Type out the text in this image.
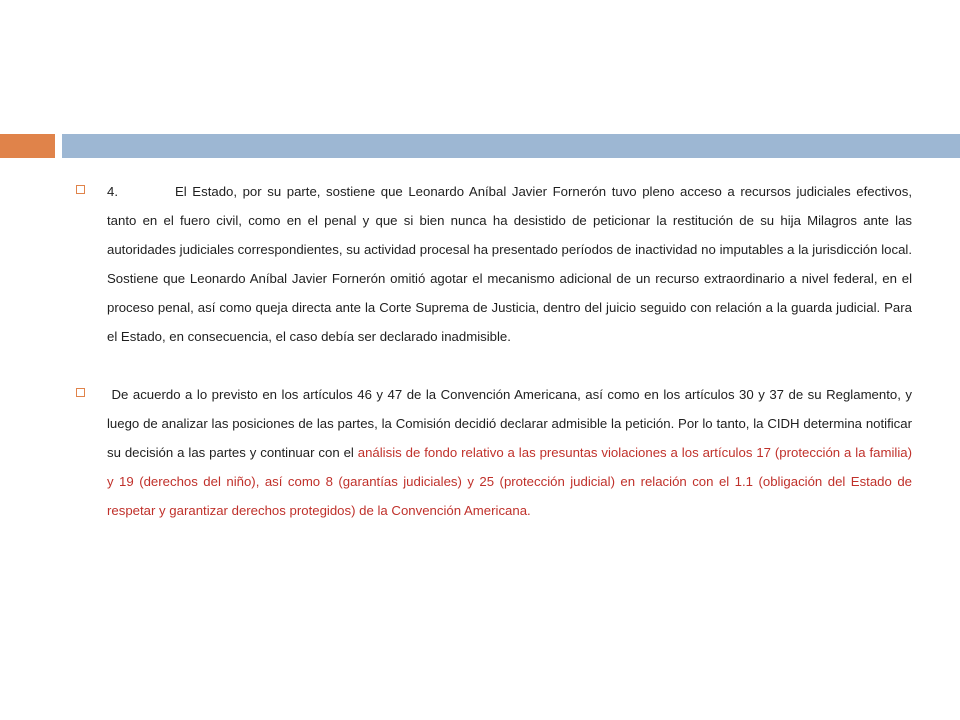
4.	El Estado, por su parte, sostiene que Leonardo Aníbal Javier Fornerón tuvo pleno acceso a recursos judiciales efectivos, tanto en el fuero civil, como en el penal y que si bien nunca ha desistido de peticionar la restitución de su hija Milagros ante las autoridades judiciales correspondientes, su actividad procesal ha presentado períodos de inactividad no imputables a la jurisdicción local. Sostiene que Leonardo Aníbal Javier Fornerón omitió agotar el mecanismo adicional de un recurso extraordinario a nivel federal, en el proceso penal, así como queja directa ante la Corte Suprema de Justicia, dentro del juicio seguido con relación a la guarda judicial. Para el Estado, en consecuencia, el caso debía ser declarado inadmisible.
De acuerdo a lo previsto en los artículos 46 y 47 de la Convención Americana, así como en los artículos 30 y 37 de su Reglamento, y luego de analizar las posiciones de las partes, la Comisión decidió declarar admisible la petición. Por lo tanto, la CIDH determina notificar su decisión a las partes y continuar con el análisis de fondo relativo a las presuntas violaciones a los artículos 17 (protección a la familia) y 19 (derechos del niño), así como 8 (garantías judiciales) y 25 (protección judicial) en relación con el 1.1 (obligación del Estado de respetar y garantizar derechos protegidos) de la Convención Americana.
